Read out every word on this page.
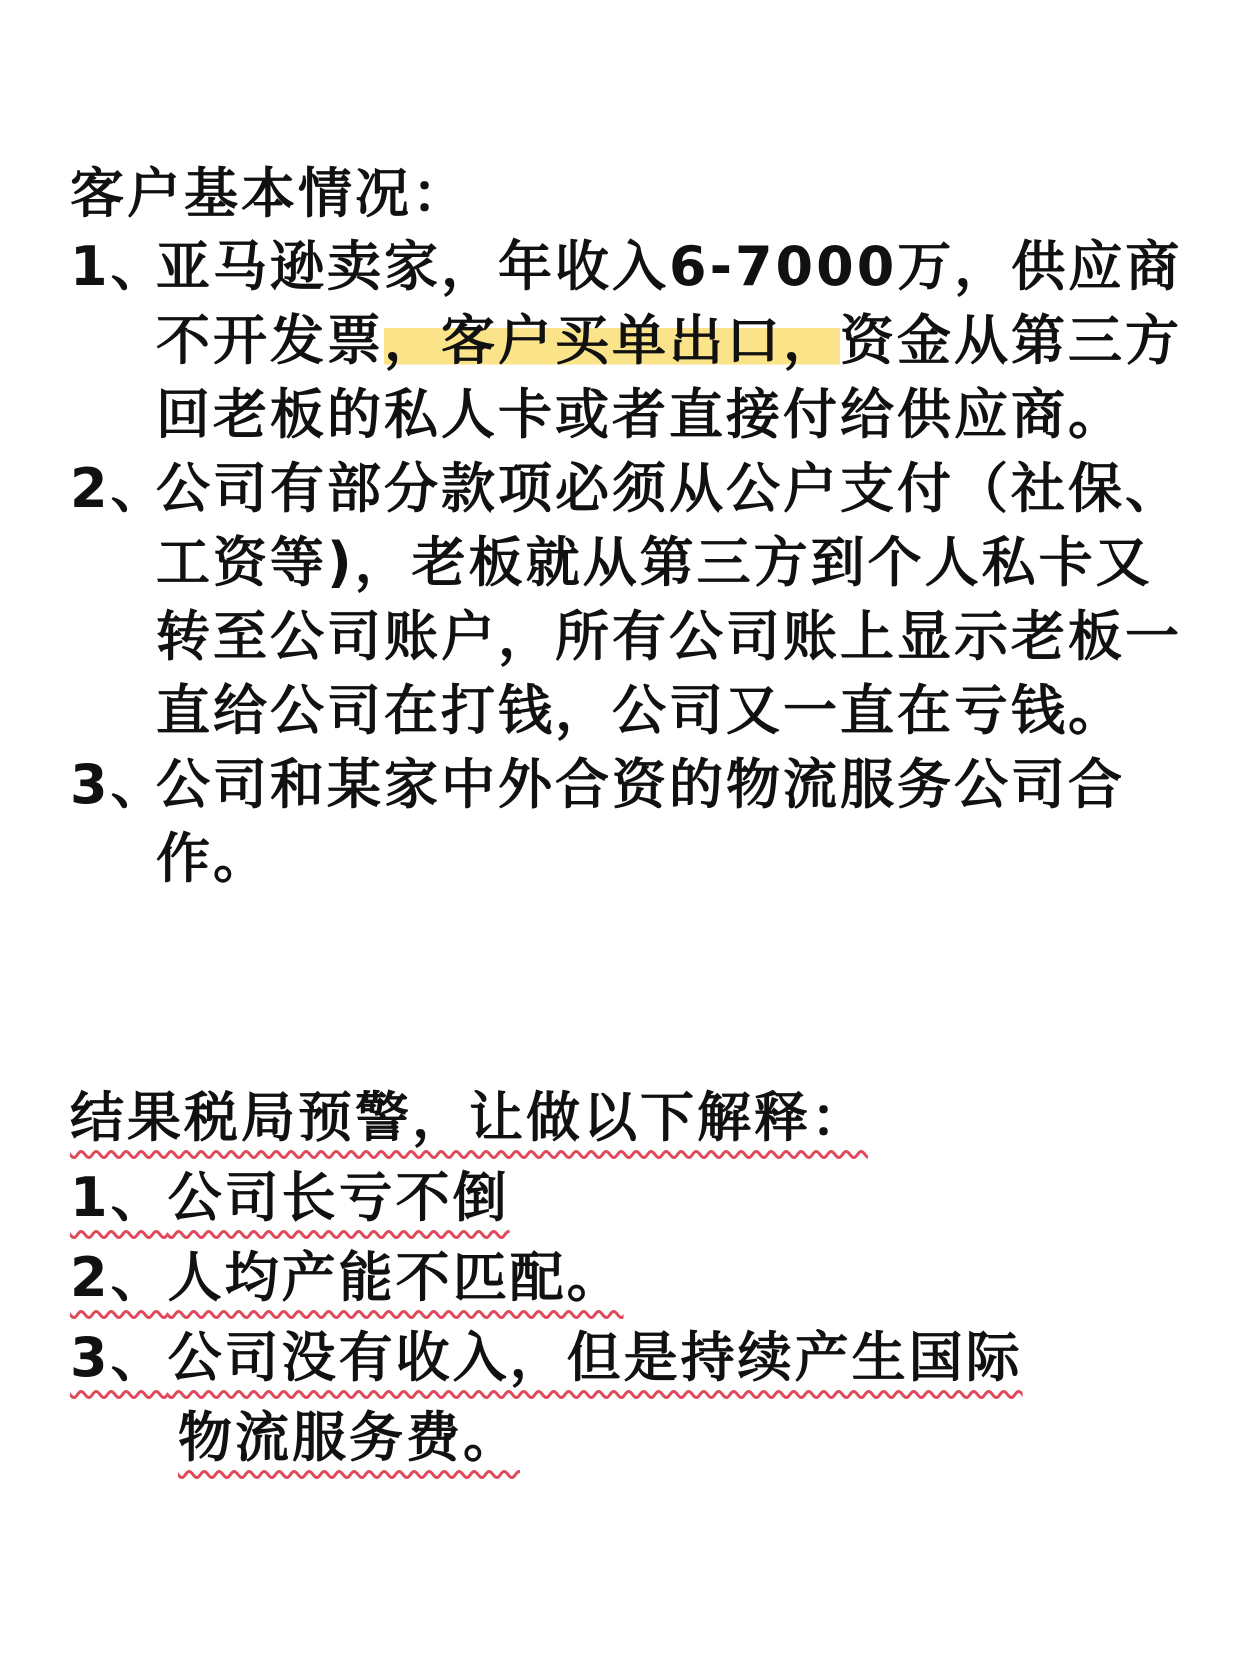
客户基本情况：
1、
亚马逊卖家，年收入6-7000万，供应商不开发票，客户买单出口，资金从第三方回老板的私人卡或者直接付给供应商。
2、
公司有部分款项必须从公户支付（社保、工资等)，老板就从第三方到个人私卡又转至公司账户，所有公司账上显示老板一直给公司在打钱，公司又一直在亏钱。
3、
公司和某家中外合资的物流服务公司合作。
结果税局预警，让做以下解释：
1、公司长亏不倒
2、人均产能不匹配。
3、公司没有收入，但是持续产生国际
物流服务费。
